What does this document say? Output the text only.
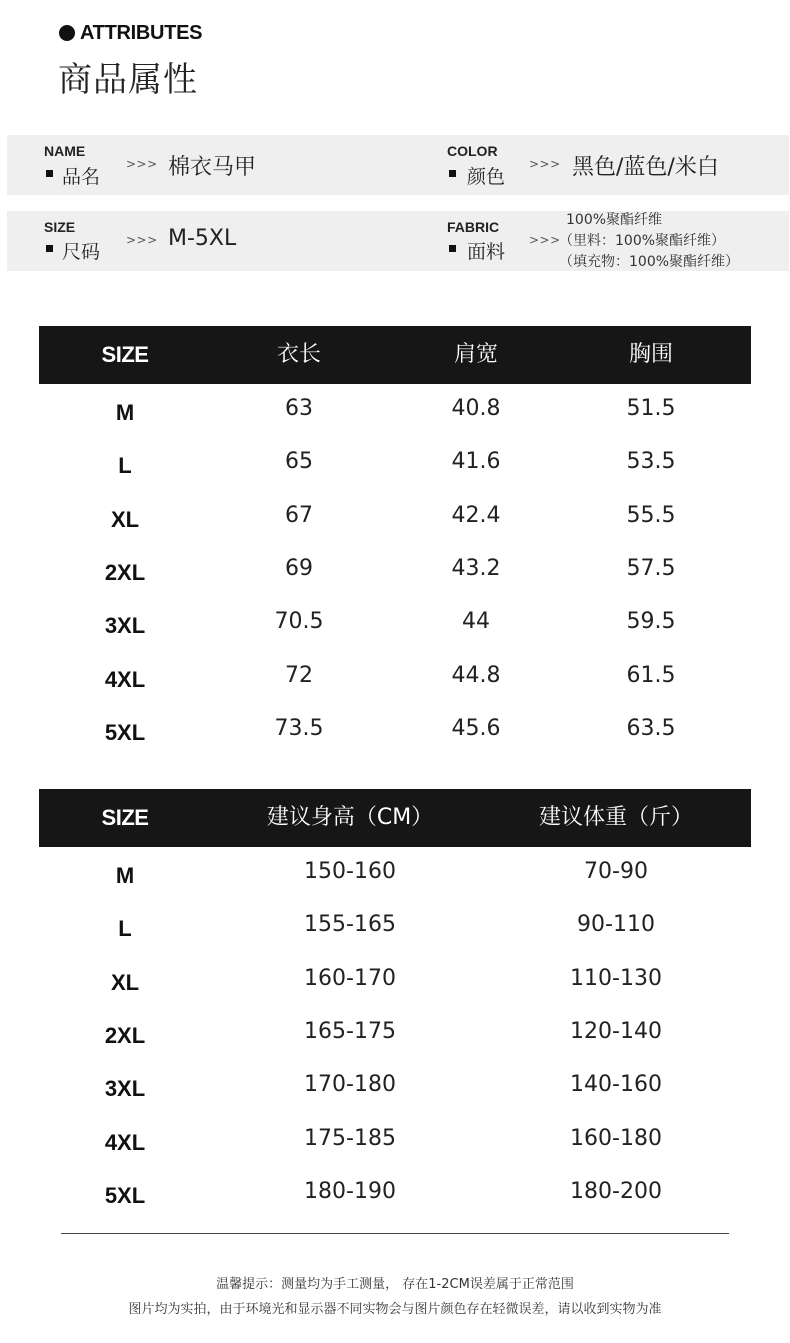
ATTRIBUTES
商品属性
NAME
品名
>>> 棉衣马甲
COLOR
颜色
>>> 黑色/蓝色/米白
SIZE
尺码
>>> M-5XL	FABRIC
面料
>>>
100%聚酯纤维
（里料：100%聚酯纤维）
（填充物：100%聚酯纤维）
SIZE	衣长	肩宽	胸围
M	63	40.8	51.5
L	65	41.6	53.5
XL	67	42.4	55.5
2XL	69	43.2	57.5
3XL	70.5	44	59.5
4XL	72	44.8	61.5
5XL	73.5	45.6	63.5
SIZE	建议身高（CM）	建议体重（斤）
M	150-160	70-90
L	155-165	90-110
XL	160-170	110-130
2XL	165-175	120-140
3XL	170-180	140-160
4XL	175-185	160-180
5XL	180-190	180-200
温馨提示：测量均为手工测量， 存在1-2CM误差属于正常范围
图片均为实拍，由于环境光和显示器不同实物会与图片颜色存在轻微误差，请以收到实物为准
